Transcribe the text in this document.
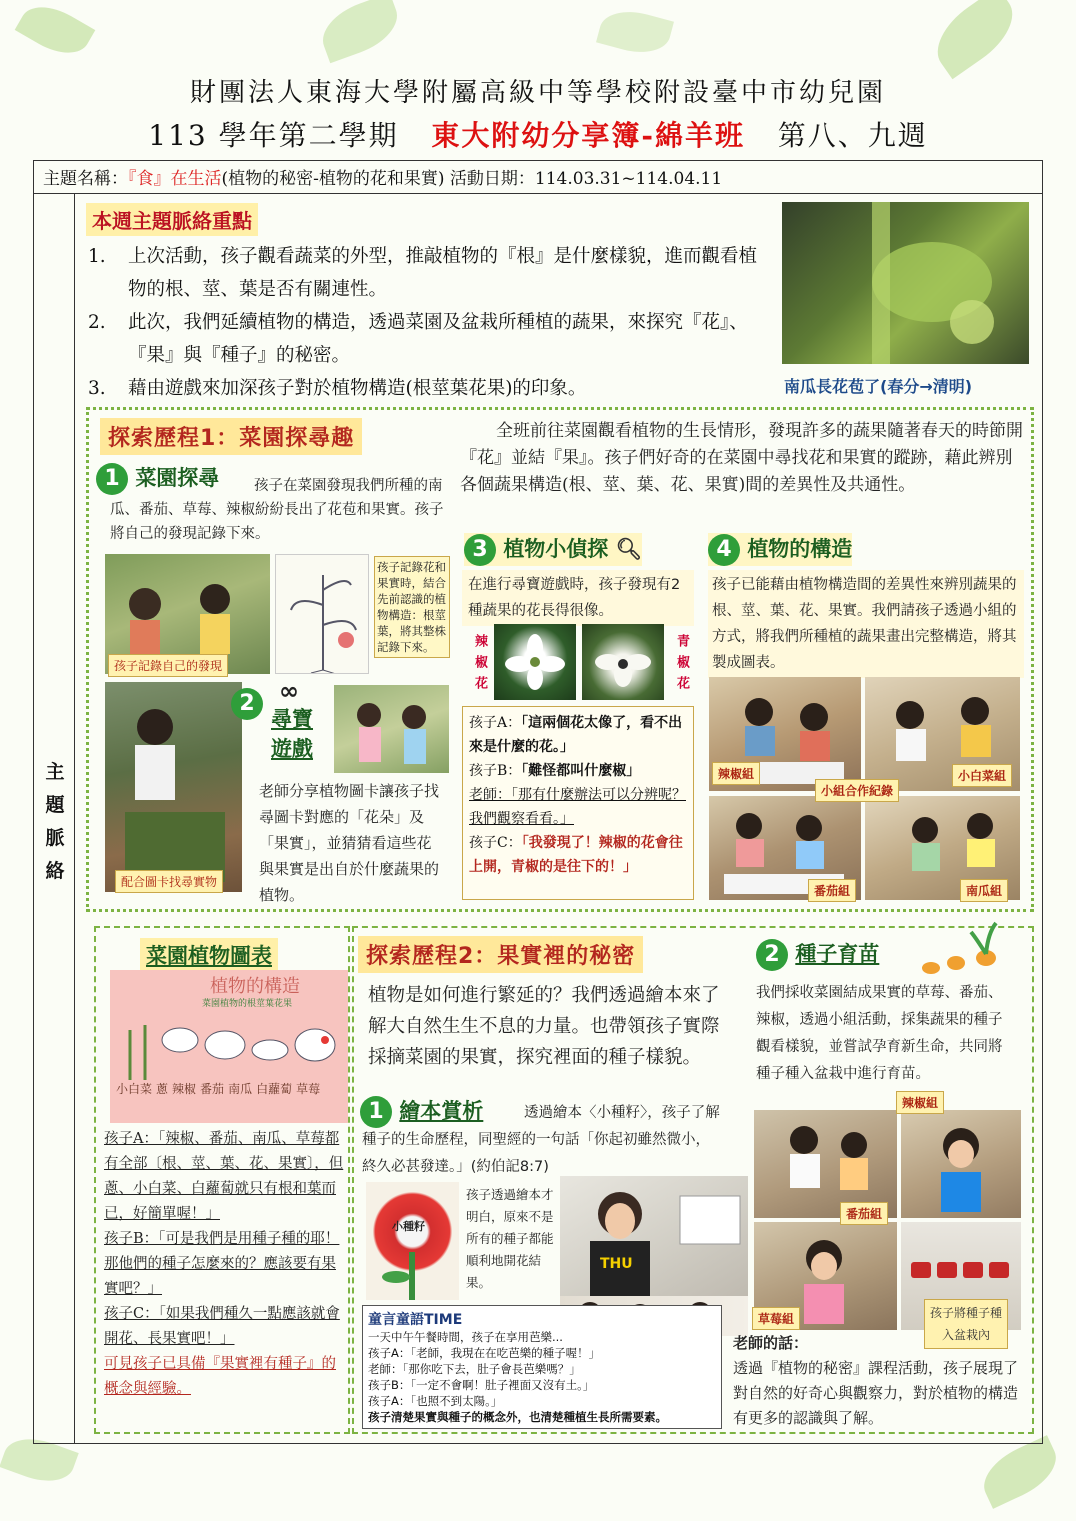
財團法人東海大學附屬高級中等學校附設臺中市幼兒園
113 學年第二學期 東大附幼分享簿-綿羊班 第八、九週
主題名稱：『食』在生活(植物的秘密-植物的花和果實) 活動日期：114.03.31~114.04.11
主題脈絡
本週主題脈絡重點
1.	上次活動，孩子觀看蔬菜的外型，推敲植物的『根』是什麼樣貌，進而觀看植物的根、莖、葉是否有關連性。
2.	此次，我們延續植物的構造，透過菜園及盆栽所種植的蔬果，來探究『花』、『果』與『種子』的秘密。
3.	藉由遊戲來加深孩子對於植物構造(根莖葉花果)的印象。	南瓜長花苞了(春分→清明)
探索歷程1：菜園探尋趣	全班前往菜園觀看植物的生長情形，發現許多的蔬果隨著春天的時節開『花』並結『果』。孩子們好奇的在菜園中尋找花和果實的蹤跡，藉此辨別各個蔬果構造(根、莖、葉、花、果實)間的差異性及共通性。
1 菜園探尋	孩子在菜園發現我們所種的南瓜、番茄、草莓、辣椒紛紛長出了花苞和果實。孩子將自己的發現記錄下來。
孩子記錄自己的發現
孩子記錄花和果實時，結合先前認識的植物構造：根莖葉，將其整株記錄下來。
配合圖卡找尋實物
2	∞
尋寶
遊戲
老師分享植物圖卡讓孩子找尋圖卡對應的「花朵」及「果實」，並猜猜看這些花與果實是出自於什麼蔬果的植物。
3 植物小偵探 🔍︎
在進行尋寶遊戲時，孩子發現有2種蔬果的花長得很像。
辣椒花	青椒花
孩子A：「這兩個花太像了，看不出來是什麼的花。」
孩子B：「難怪都叫什麼椒」
老師：「那有什麼辦法可以分辨呢？我們觀察看看。」
孩子C：「我發現了！辣椒的花會往上開，青椒的是往下的！」
4 植物的構造
孩子已能藉由植物構造間的差異性來辨別蔬果的根、莖、葉、花、果實。我們請孩子透過小組的方式，將我們所種植的蔬果畫出完整構造，將其製成圖表。
辣椒組	小白菜組
小組合作紀錄
番茄組	南瓜組
菜園植物圖表
植物的構造
菜園植物的根莖葉花果
小白菜 蔥 辣椒 番茄 南瓜 白蘿蔔 草莓
孩子A：「辣椒、番茄、南瓜、草莓都有全部〔根、莖、葉、花、果實〕，但蔥、小白菜、白蘿蔔就只有根和葉而已，好簡單喔！」
孩子B：「可是我們是用種子種的耶！那他們的種子怎麼來的？應該要有果實吧？」
孩子C：「如果我們種久一點應該就會開花、長果實吧！」
可見孩子已具備『果實裡有種子』的概念與經驗。
探索歷程2：果實裡的秘密
植物是如何進行繁延的？我們透過繪本來了解大自然生生不息的力量。也帶領孩子實際採摘菜園的果實，探究裡面的種子樣貌。
1 繪本賞析	透過繪本〈小種籽〉，孩子了解種子的生命歷程，同聖經的一句話「你起初雖然微小，終久必甚發達。」(約伯記8:7)
小種籽
孩子透過繪本才明白，原來不是所有的種子都能順利地開花結果。
THU
童言童語TIME
一天中午午餐時間，孩子在享用芭樂...
孩子A：「老師，我現在在吃芭樂的種子喔！」
老師：「那你吃下去，肚子會長芭樂嗎？」
孩子B：「一定不會啊！肚子裡面又沒有土。」
孩子A：「也照不到太陽。」
孩子清楚果實與種子的概念外，也清楚種植生長所需要素。
2 種子育苗
我們採收菜園結成果實的草莓、番茄、辣椒，透過小組活動，採集蔬果的種子觀看樣貌，並嘗試孕育新生命，共同將種子種入盆栽中進行育苗。
辣椒組
番茄組
草莓組	孩子將種子種入盆栽內
老師的話：
透過『植物的秘密』課程活動，孩子展現了對自然的好奇心與觀察力，對於植物的構造有更多的認識與了解。
